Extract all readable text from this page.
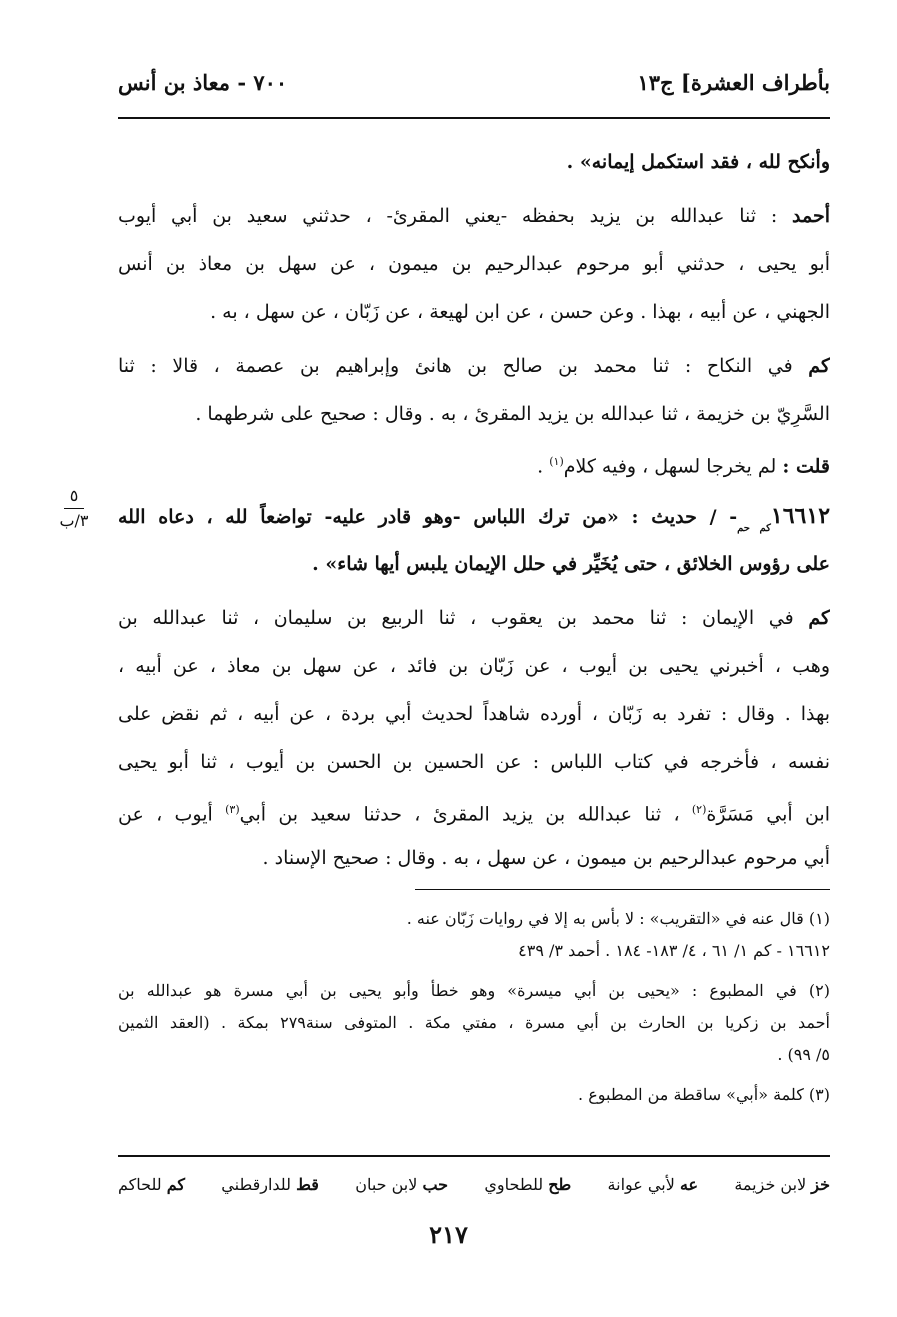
بأطراف العشرة] ج١٣
٧٠٠ - معاذ بن أنس
وأنكح لله ، فقد استكمل إيمانه» .
أحمد : ثنا عبدالله بن يزيد بحفظه -يعني المقرئ- ، حدثني سعيد بن أبي أيوب
أبو يحيى ، حدثني أبو مرحوم عبدالرحيم بن ميمون ، عن سهل بن معاذ بن أنس
الجهني ، عن أبيه ، بهذا . وعن حسن ، عن ابن لهيعة ، عن زَبّان ، عن سهل ، به .
كم في النكاح : ثنا محمد بن صالح بن هانئ وإبراهيم بن عصمة ، قالا : ثنا
السَّرِيّ بن خزيمة ، ثنا عبدالله بن يزيد المقرئ ، به . وقال : صحيح على شرطهما .
قلت : لم يخرجا لسهل ، وفيه كلام$^{(١)}$ .
$١٦٦١٢_{كم حم}-$ / حديث : «من ترك اللباس -وهو قادر عليه- تواضعاً لله ، دعاه الله
على رؤوس الخلائق ، حتى يُخَيِّر في حلل الإيمان يلبس أيها شاء» .
كم في الإيمان : ثنا محمد بن يعقوب ، ثنا الربيع بن سليمان ، ثنا عبدالله بن
وهب ، أخبرني يحيى بن أيوب ، عن زَبّان بن فائد ، عن سهل بن معاذ ، عن أبيه ،
بهذا . وقال : تفرد به زَبّان ، أورده شاهداً لحديث أبي بردة ، عن أبيه ، ثم نقض على
نفسه ، فأخرجه في كتاب اللباس : عن الحسين بن الحسن بن أيوب ، ثنا أبو يحيى
ابن أبي مَسَرَّة$^{(٢)}$ ، ثنا عبدالله بن يزيد المقرئ ، حدثنا سعيد بن أبي$^{(٣)}$ أيوب ، عن
أبي مرحوم عبدالرحيم بن ميمون ، عن سهل ، به . وقال : صحيح الإسناد .
٥
٣/ب
(١) قال عنه في «التقريب» : لا بأس به إلا في روايات زَبّان عنه .
١٦٦١٢ - كم ١/ ٦١ ، ٤/ ١٨٣- ١٨٤ . أحمد ٣/ ٤٣٩
(٢) في المطبوع : «يحيى بن أبي ميسرة» وهو خطأ وأبو يحيى بن أبي مسرة هو عبدالله بن
أحمد بن زكريا بن الحارث بن أبي مسرة ، مفتي مكة . المتوفى سنة٢٧٩ بمكة . (العقد الثمين
٥/ ٩٩) .
(٣) كلمة «أبي» ساقطة من المطبوع .
خز لابن خزيمة
عه لأبي عوانة
طح للطحاوي
حب لابن حبان
قط للدارقطني
كم للحاكم
٢١٧
